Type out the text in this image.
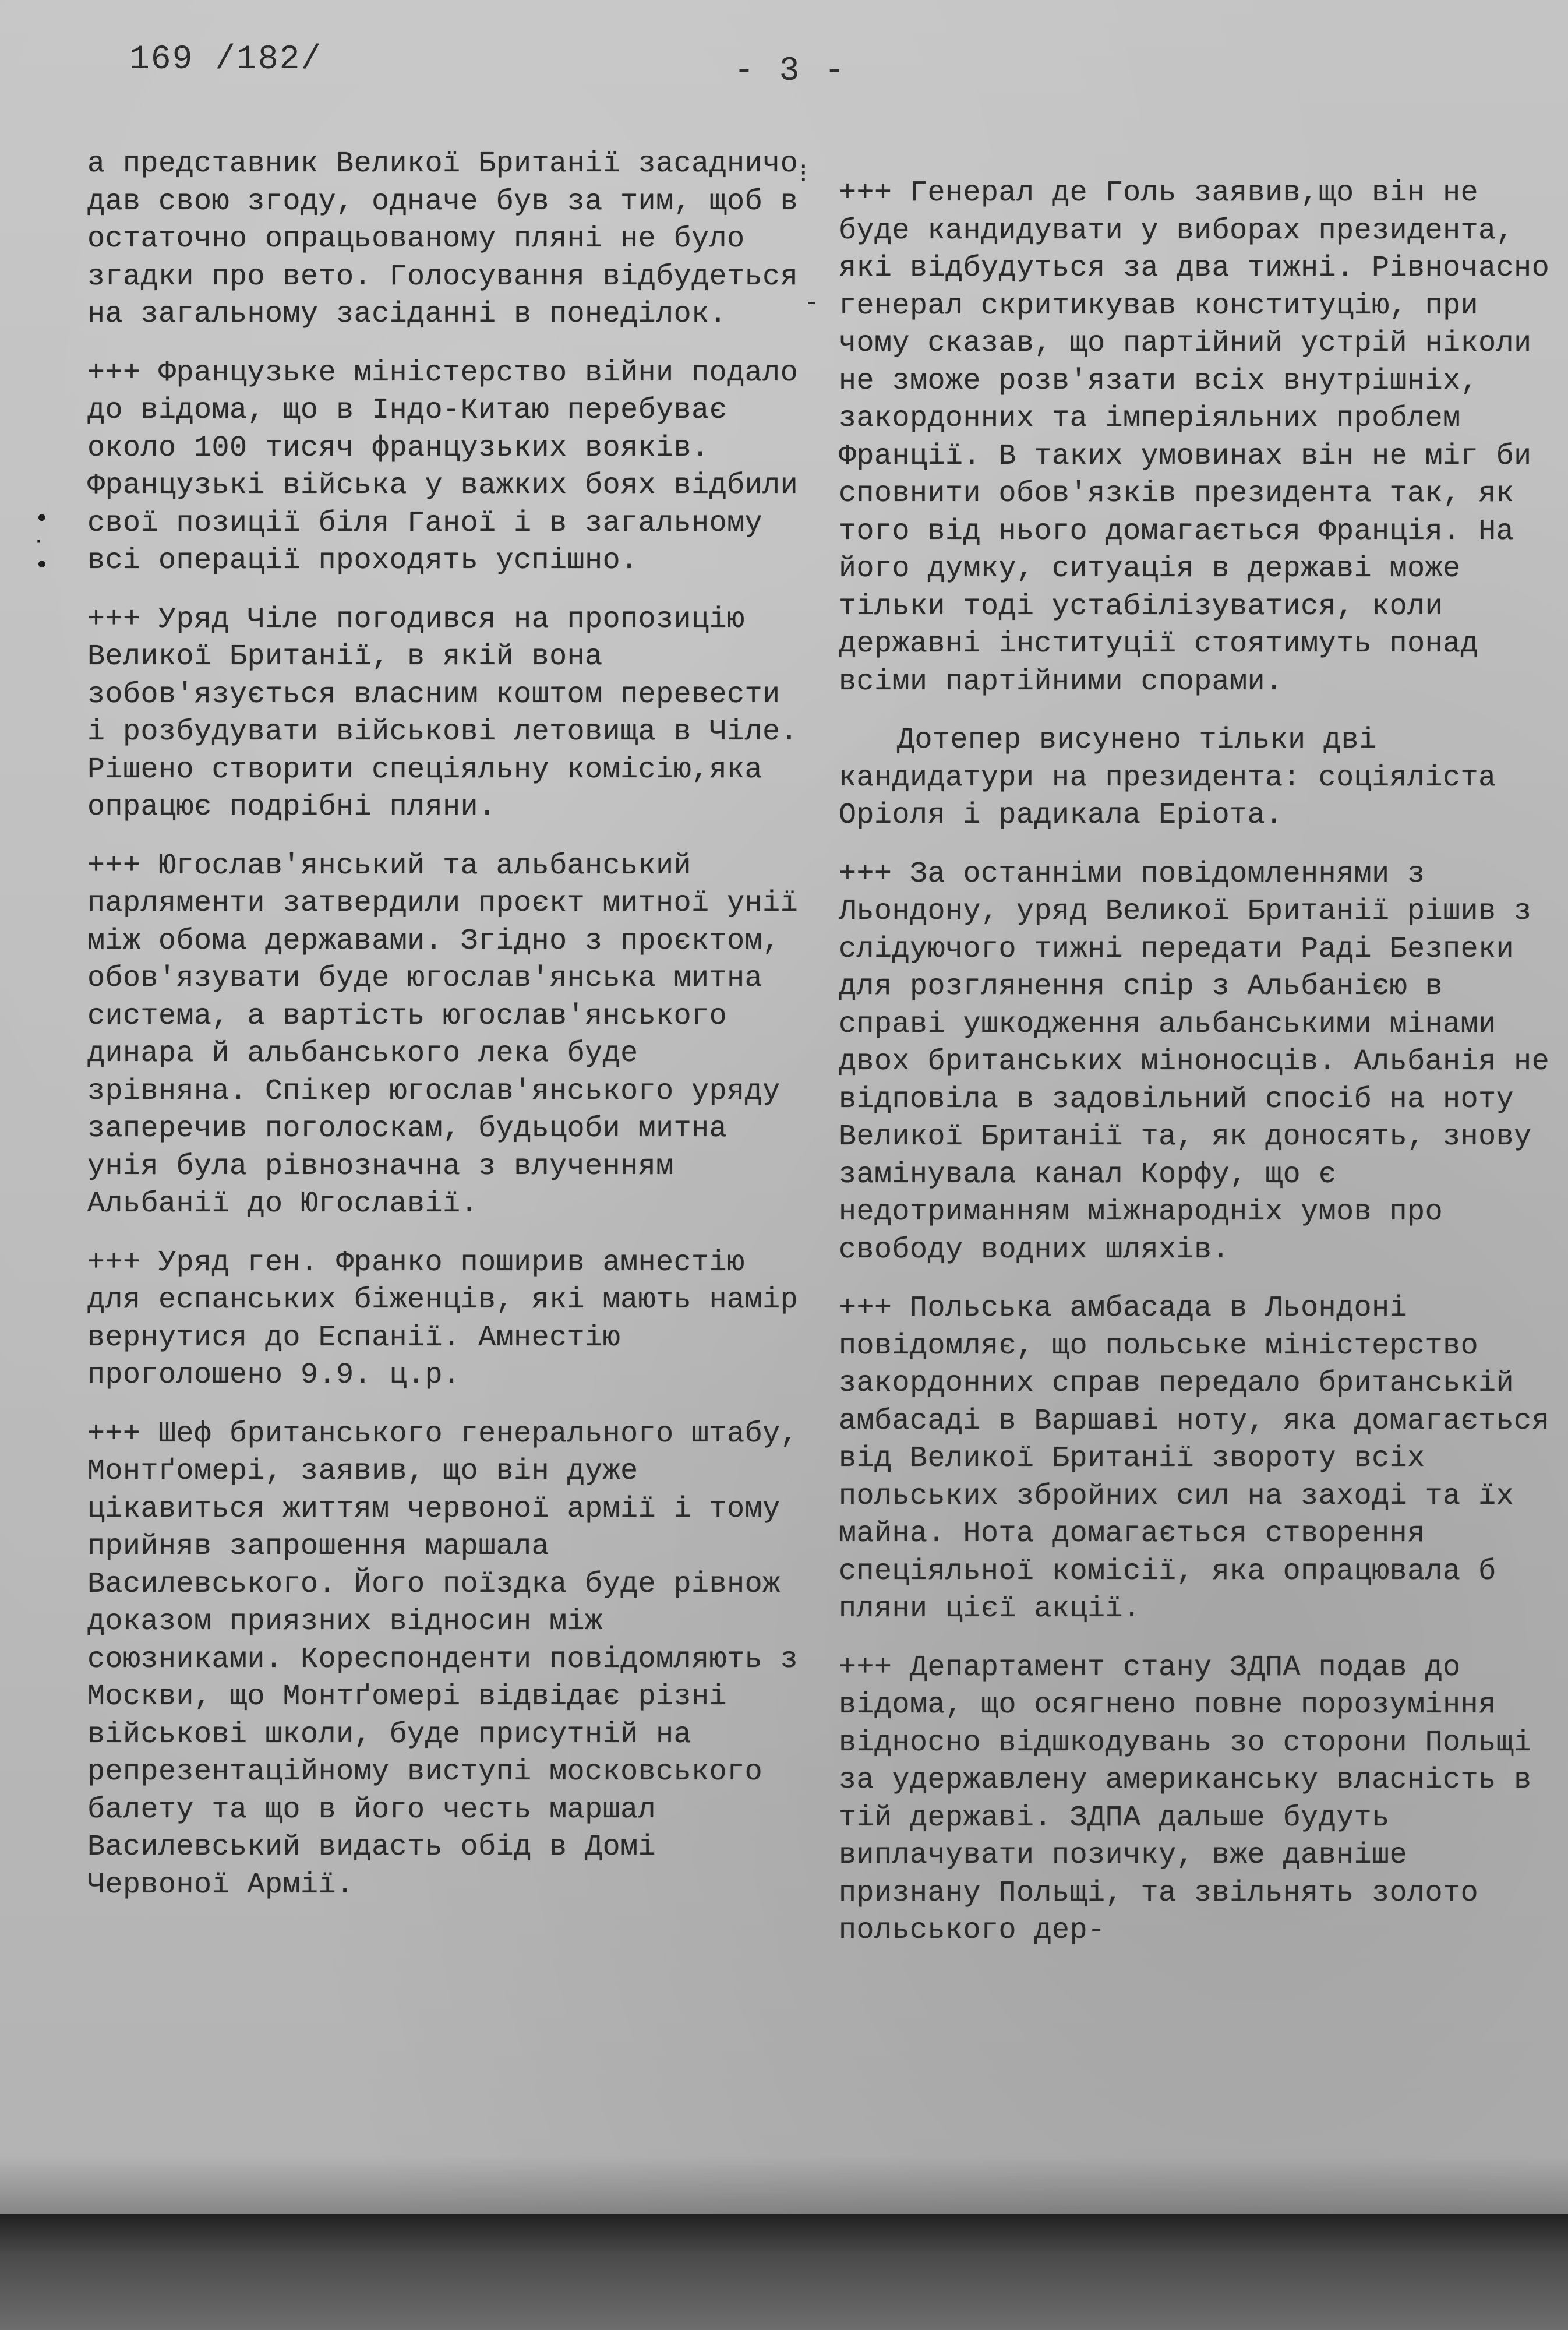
169 /182/	- 3 -
⁝
-
•
·
•

а представник Великої Британії засадничо дав свою згоду, одначе був за тим, щоб в остаточно опрацьованому пляні не було згадки про вето. Голосування відбудеться на загальному засіданні в понеділок.

+++ Французьке міністерство війни подало до відома, що в Індо-Китаю перебуває около 100 тисяч французьких вояків. Французькі війська у важких боях відбили свої позиції біля Ганої і в загальному всі операції проходять успішно.

+++ Уряд Чіле погодився на пропозицію Великої Британії, в якій вона зобов'язується власним коштом перевести і розбудувати військові летовища в Чіле. Рішено створити спеціяльну комісію,яка опрацює подрібні пляни.

+++ Югослав'янський та альбанський парляменти затвердили проєкт митної унії між обома державами. Згідно з проєктом, обов'язувати буде югослав'янська митна система, а вартість югослав'янського динара й альбанського лека буде зрівняна. Спікер югослав'янського уряду заперечив поголоскам, будьцоби митна унія була рівнозначна з влученням Альбанії до Югославії.

+++ Уряд ген. Франко поширив амнестію для еспанських біженців, які мають намір вернутися до Еспанії. Амнестію проголошено 9.9. ц.р.

+++ Шеф британського генерального штабу, Монтґомері, заявив, що він дуже цікавиться життям червоної армії і тому прийняв запрошення маршала Василевського. Його поїздка буде рівнож доказом приязних відносин між союзниками. Кореспонденти повідомляють з Москви, що Монтґомері відвідає різні військові школи, буде присутній на репрезентаційному виступі московського балету та що в його честь маршал Василевський видасть обід в Домі Червоної Армії.

+++ Генерал де Голь заявив,що він не буде кандидувати у виборах президента, які відбудуться за два тижні. Рівночасно генерал скритикував конституцію, при чому сказав, що партійний устрій ніколи не зможе розв'язати всіх внутрішніх, закордонних та імперіяльних проблем Франції. В таких умовинах він не міг би сповнити обов'язків президента так, як того від нього домагається Франція. На його думку, ситуація в державі може тільки тоді устабілізуватися, коли державні інституції стоятимуть понад всіми партійними спорами.

Дотепер висунено тільки дві кандидатури на президента: соціяліста Оріоля і радикала Еріота.

+++ За останніми повідомленнями з Льондону, уряд Великої Британії рішив з слідуючого тижні передати Раді Безпеки для розглянення спір з Альбанією в справі ушкодження альбанськими мінами двох британських міноносців. Альбанія не відповіла в задовільний спосіб на ноту Великої Британії та, як доносять, знову замінувала канал Корфу, що є недотриманням міжнародніх умов про свободу водних шляхів.

+++ Польська амбасада в Льондоні повідомляє, що польське міністерство закордонних справ передало британській амбасаді в Варшаві ноту, яка домагається від Великої Британії звороту всіх польських збройних сил на заході та їх майна. Нота домагається створення спеціяльної комісії, яка опрацювала б пляни цієї акції.

+++ Департамент стану ЗДПА подав до відома, що осягнено повне порозуміння відносно відшкодувань зо сторони Польщі за удержавлену американську власність в тій державі. ЗДПА дальше будуть виплачувати позичку, вже давніше признану Польщі, та звільнять золото польського дер-
